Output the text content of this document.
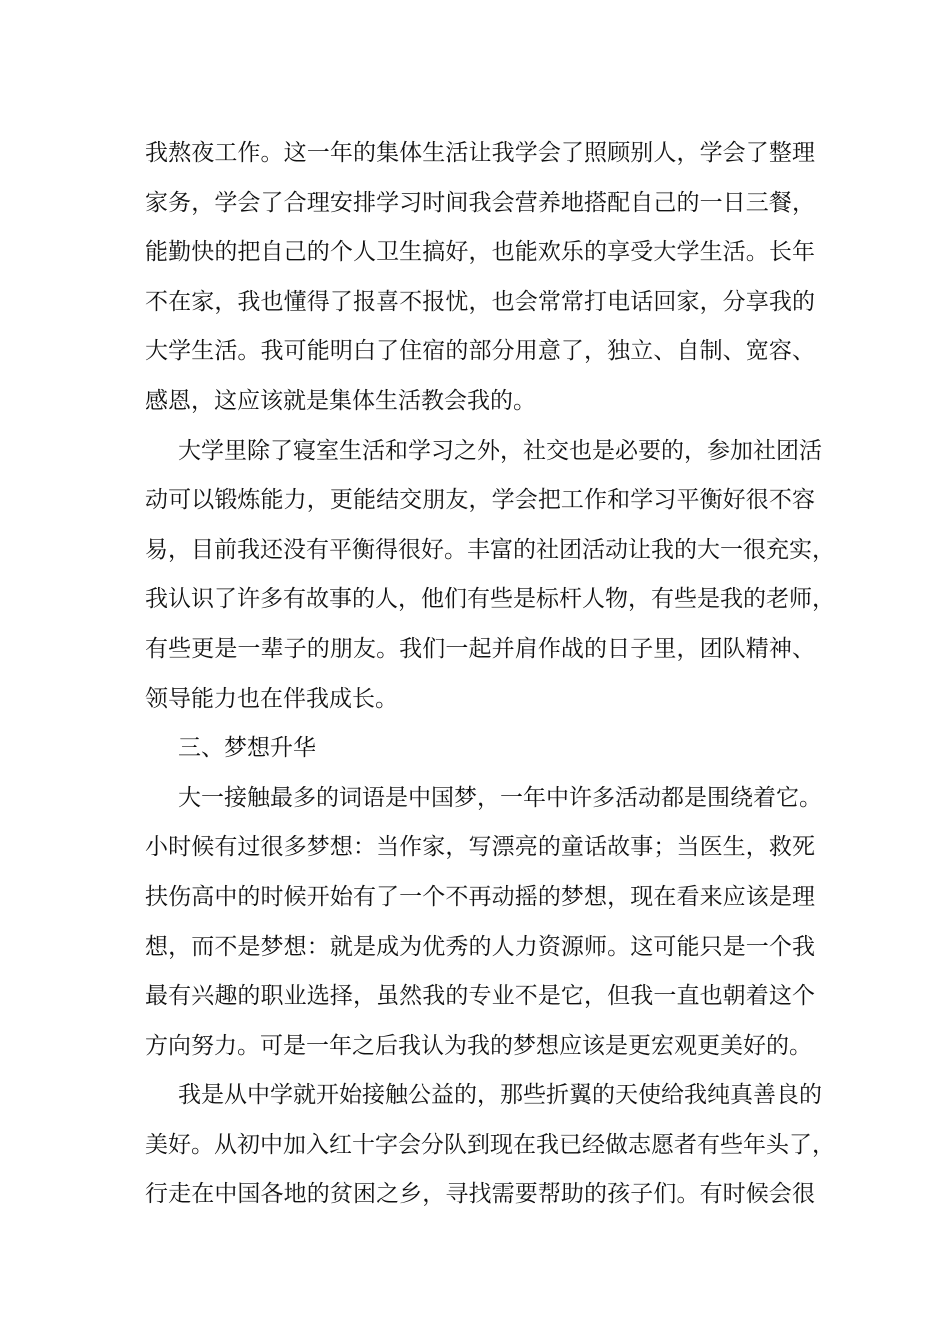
我熬夜工作。这一年的集体生活让我学会了照顾别人，学会了整理
家务，学会了合理安排学习时间我会营养地搭配自己的一日三餐，
能勤快的把自己的个人卫生搞好，也能欢乐的享受大学生活。长年
不在家，我也懂得了报喜不报忧，也会常常打电话回家，分享我的
大学生活。我可能明白了住宿的部分用意了，独立、自制、宽容、
感恩，这应该就是集体生活教会我的。
大学里除了寝室生活和学习之外，社交也是必要的，参加社团活
动可以锻炼能力，更能结交朋友，学会把工作和学习平衡好很不容
易，目前我还没有平衡得很好。丰富的社团活动让我的大一很充实，
我认识了许多有故事的人，他们有些是标杆人物，有些是我的老师，
有些更是一辈子的朋友。我们一起并肩作战的日子里，团队精神、
领导能力也在伴我成长。
三、梦想升华
大一接触最多的词语是中国梦，一年中许多活动都是围绕着它。
小时候有过很多梦想：当作家，写漂亮的童话故事；当医生，救死
扶伤高中的时候开始有了一个不再动摇的梦想，现在看来应该是理
想，而不是梦想：就是成为优秀的人力资源师。这可能只是一个我
最有兴趣的职业选择，虽然我的专业不是它，但我一直也朝着这个
方向努力。可是一年之后我认为我的梦想应该是更宏观更美好的。
我是从中学就开始接触公益的，那些折翼的天使给我纯真善良的
美好。从初中加入红十字会分队到现在我已经做志愿者有些年头了，
行走在中国各地的贫困之乡，寻找需要帮助的孩子们。有时候会很
